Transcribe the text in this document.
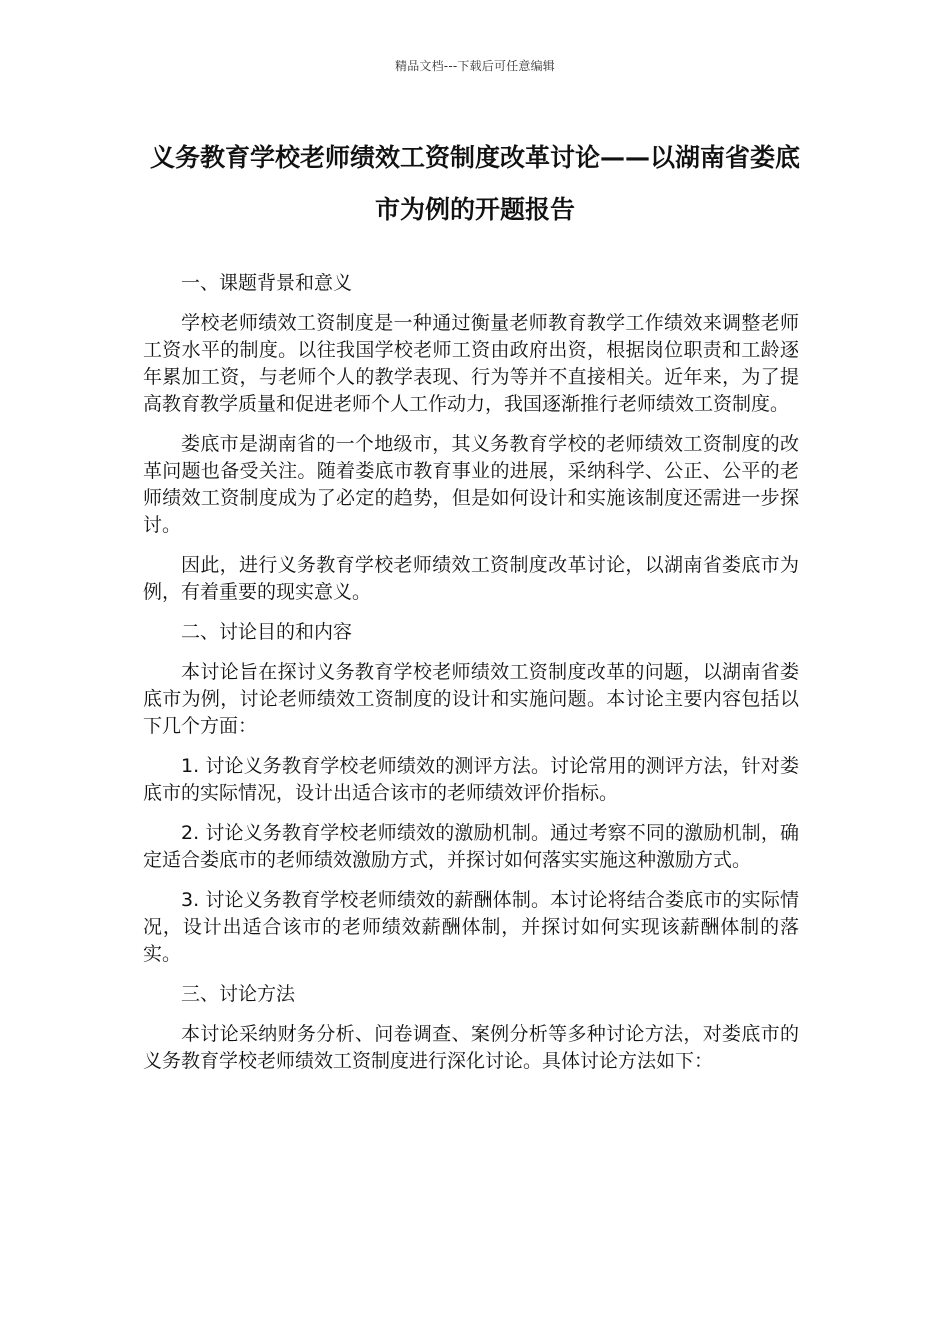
精品文档---下载后可任意编辑
义务教育学校老师绩效工资制度改革讨论——以湖南省娄底市为例的开题报告

一、课题背景和意义

学校老师绩效工资制度是一种通过衡量老师教育教学工作绩效来调整老师工资水平的制度。以往我国学校老师工资由政府出资，根据岗位职责和工龄逐年累加工资，与老师个人的教学表现、行为等并不直接相关。近年来，为了提高教育教学质量和促进老师个人工作动力，我国逐渐推行老师绩效工资制度。

娄底市是湖南省的一个地级市，其义务教育学校的老师绩效工资制度的改革问题也备受关注。随着娄底市教育事业的进展，采纳科学、公正、公平的老师绩效工资制度成为了必定的趋势，但是如何设计和实施该制度还需进一步探讨。

因此，进行义务教育学校老师绩效工资制度改革讨论，以湖南省娄底市为例，有着重要的现实意义。

二、讨论目的和内容

本讨论旨在探讨义务教育学校老师绩效工资制度改革的问题，以湖南省娄底市为例，讨论老师绩效工资制度的设计和实施问题。本讨论主要内容包括以下几个方面：

1. 讨论义务教育学校老师绩效的测评方法。讨论常用的测评方法，针对娄底市的实际情况，设计出适合该市的老师绩效评价指标。

2. 讨论义务教育学校老师绩效的激励机制。通过考察不同的激励机制，确定适合娄底市的老师绩效激励方式，并探讨如何落实实施这种激励方式。

3. 讨论义务教育学校老师绩效的薪酬体制。本讨论将结合娄底市的实际情况，设计出适合该市的老师绩效薪酬体制，并探讨如何实现该薪酬体制的落实。

三、讨论方法

本讨论采纳财务分析、问卷调查、案例分析等多种讨论方法，对娄底市的义务教育学校老师绩效工资制度进行深化讨论。具体讨论方法如下：
